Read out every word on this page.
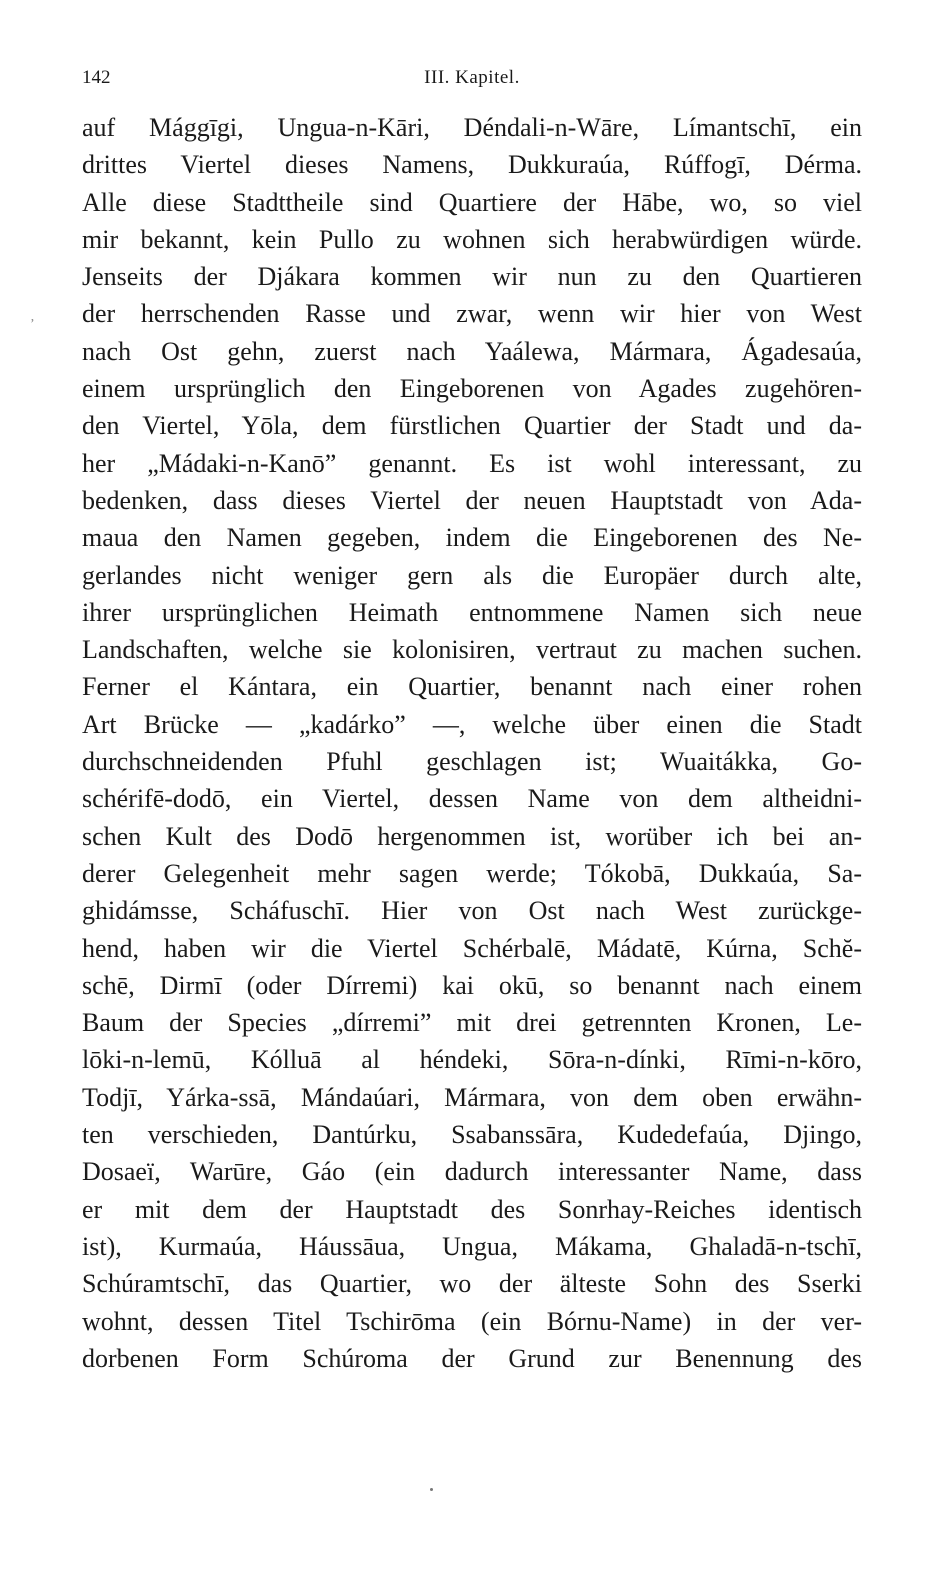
142	III. Kapitel.
ʼ
auf Mággīgi, Ungua-n-Kāri, Déndali-n-Wāre, Límantschī, ein
drittes Viertel dieses Namens, Dukkuraúa, Rúffogī, Dérma.
Alle diese Stadttheile sind Quartiere der Hābe, wo, so viel
mir bekannt, kein Pullo zu wohnen sich herabwürdigen würde.
Jenseits der Djákara kommen wir nun zu den Quartieren
der herrschenden Rasse und zwar, wenn wir hier von West
nach Ost gehn, zuerst nach Yaálewa, Mármara, Ágadesaúa,
einem ursprünglich den Eingeborenen von Agades zugehören-
den Viertel, Yōla, dem fürstlichen Quartier der Stadt und da-
her „Mádaki-n-Kanō” genannt. Es ist wohl interessant, zu
bedenken, dass dieses Viertel der neuen Hauptstadt von Ada-
maua den Namen gegeben, indem die Eingeborenen des Ne-
gerlandes nicht weniger gern als die Europäer durch alte,
ihrer ursprünglichen Heimath entnommene Namen sich neue
Landschaften, welche sie kolonisiren, vertraut zu machen suchen.
Ferner el Kántara, ein Quartier, benannt nach einer rohen
Art Brücke — „kadárko” —, welche über einen die Stadt
durchschneidenden Pfuhl geschlagen ist; Wuaitákka, Go-
schérifē-dodō, ein Viertel, dessen Name von dem altheidni-
schen Kult des Dodō hergenommen ist, worüber ich bei an-
derer Gelegenheit mehr sagen werde; Tókobā, Dukkaúa, Sa-
ghidámsse, Scháfuschī. Hier von Ost nach West zurückge-
hend, haben wir die Viertel Schérbalē, Mádatē, Kúrna, Schĕ-
schē, Dirmī (oder Dírremi) kai okū, so benannt nach einem
Baum der Species „dírremi” mit drei getrennten Kronen, Le-
lōki-n-lemū, Kólluā al héndeki, Sōra-n-dínki, Rīmi-n-kōro,
Todjī, Yárka-ssā, Mándaúari, Mármara, von dem oben erwähn-
ten verschieden, Dantúrku, Ssabanssāra, Kudedefaúa, Djingo,
Dosaeï, Warūre, Gáo (ein dadurch interessanter Name, dass
er mit dem der Hauptstadt des Sonrhay-Reiches identisch
ist), Kurmaúa, Háussāua, Ungua, Mákama, Ghaladā-n-tschī,
Schúramtschī, das Quartier, wo der älteste Sohn des Sserki
wohnt, dessen Titel Tschirōma (ein Bórnu-Name) in der ver-
dorbenen Form Schúroma der Grund zur Benennung des
